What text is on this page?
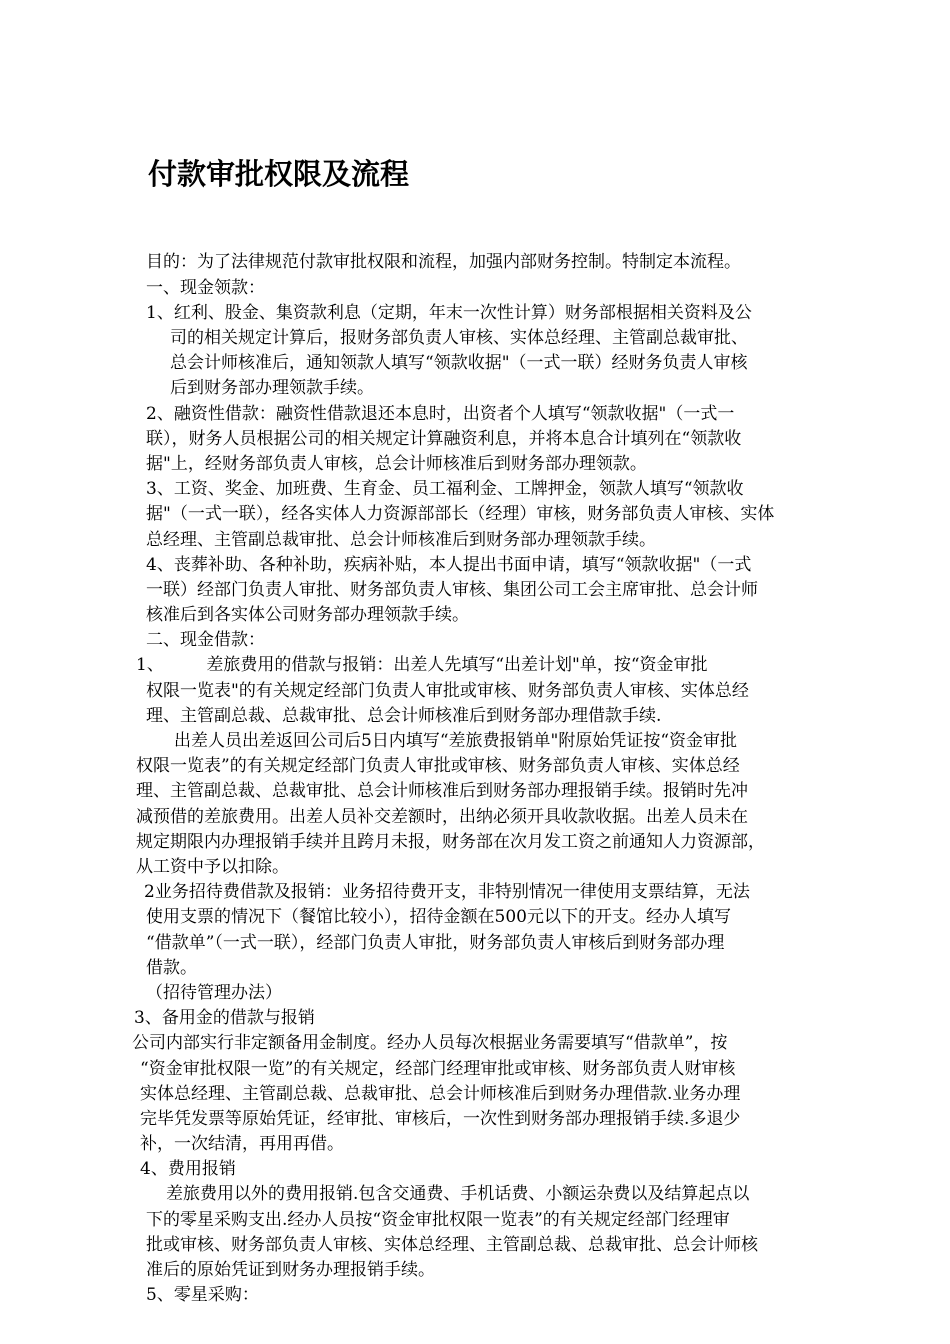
付款审批权限及流程

目的：为了法律规范付款审批权限和流程，加强内部财务控制。特制定本流程。

一、现金领款：

1、红利、股金、集资款利息（定期，年末一次性计算）财务部根据相关资料及公

司的相关规定计算后，报财务部负责人审核、实体总经理、主管副总裁审批、

总会计师核准后，通知领款人填写“领款收据"（一式一联）经财务负责人审核

后到财务部办理领款手续。

2、融资性借款：融资性借款退还本息时，出资者个人填写“领款收据"（一式一

联），财务人员根据公司的相关规定计算融资利息，并将本息合计填列在“领款收

据"上，经财务部负责人审核，总会计师核准后到财务部办理领款。

3、工资、奖金、加班费、生育金、员工福利金、工牌押金，领款人填写“领款收

据"（一式一联），经各实体人力资源部部长（经理）审核，财务部负责人审核、实体

总经理、主管副总裁审批、总会计师核准后到财务部办理领款手续。

4、丧葬补助、各种补助，疾病补贴，本人提出书面申请，填写“领款收据"（一式

一联）经部门负责人审批、财务部负责人审核、集团公司工会主席审批、总会计师

核准后到各实体公司财务部办理领款手续。

二、现金借款：

1、　　　差旅费用的借款与报销：出差人先填写“出差计划"单，按“资金审批

权限一览表"的有关规定经部门负责人审批或审核、财务部负责人审核、实体总经

理、主管副总裁、总裁审批、总会计师核准后到财务部办理借款手续.

出差人员出差返回公司后5日内填写“差旅费报销单"附原始凭证按“资金审批

权限一览表”的有关规定经部门负责人审批或审核、财务部负责人审核、实体总经

理、主管副总裁、总裁审批、总会计师核准后到财务部办理报销手续。报销时先冲

减预借的差旅费用。出差人员补交差额时，出纳必须开具收款收据。出差人员未在

规定期限内办理报销手续并且跨月未报，财务部在次月发工资之前通知人力资源部，

从工资中予以扣除。

2业务招待费借款及报销：业务招待费开支，非特别情况一律使用支票结算，无法

使用支票的情况下（餐馆比较小），招待金额在500元以下的开支。经办人填写

“借款单”（一式一联），经部门负责人审批，财务部负责人审核后到财务部办理

借款。

（招待管理办法）

3、备用金的借款与报销

公司内部实行非定额备用金制度。经办人员每次根据业务需要填写“借款单”，按

“资金审批权限一览”的有关规定，经部门经理审批或审核、财务部负责人财审核

实体总经理、主管副总裁、总裁审批、总会计师核准后到财务办理借款.业务办理

完毕凭发票等原始凭证，经审批、审核后，一次性到财务部办理报销手续.多退少

补，一次结清，再用再借。

4、费用报销

差旅费用以外的费用报销.包含交通费、手机话费、小额运杂费以及结算起点以

下的零星采购支出.经办人员按“资金审批权限一览表”的有关规定经部门经理审

批或审核、财务部负责人审核、实体总经理、主管副总裁、总裁审批、总会计师核

准后的原始凭证到财务办理报销手续。

5、零星采购：
